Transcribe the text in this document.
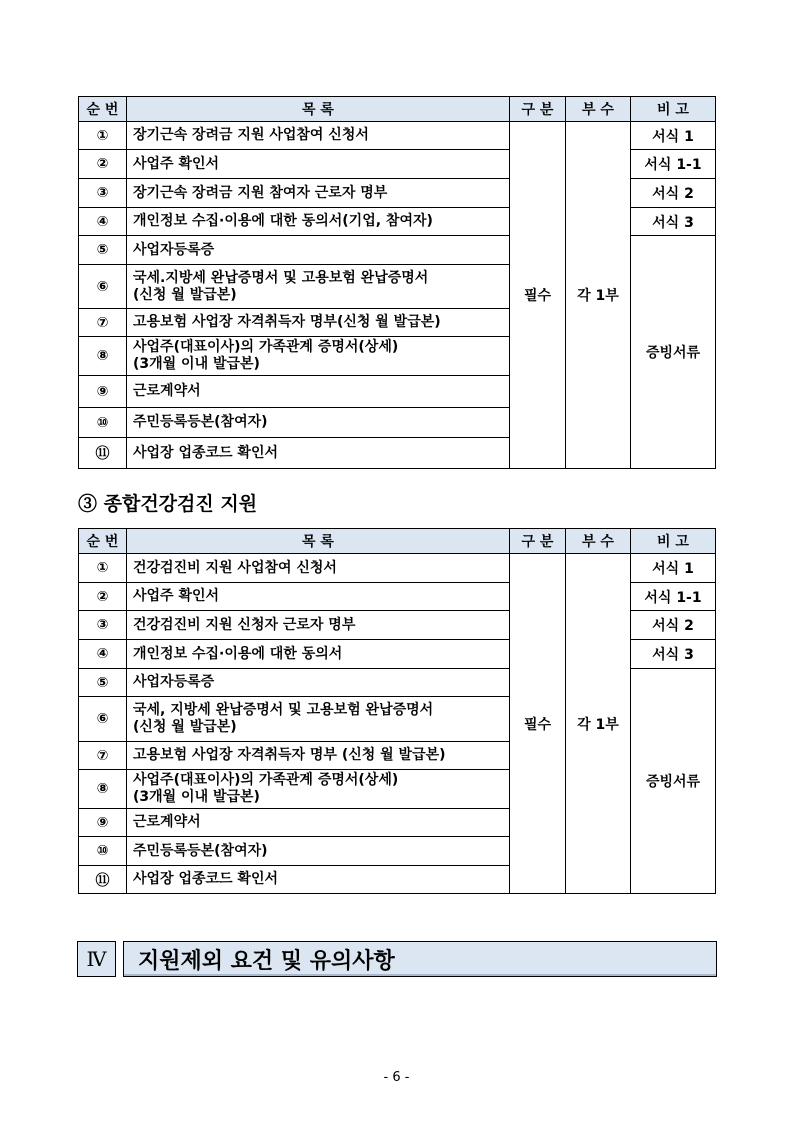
순 번	목 록	구 분	부 수	비 고
①	장기근속 장려금 지원 사업참여 신청서	필수	각 1부	서식 1
②	사업주 확인서			서식 1-1
③	장기근속 장려금 지원 참여자 근로자 명부			서식 2
④	개인정보 수집·이용에 대한 동의서(기업, 참여자)			서식 3
⑤	사업자등록증			증빙서류
⑥	국세.지방세 완납증명서 및 고용보험 완납증명서
(신청 월 발급본)			
⑦	고용보험 사업장 자격취득자 명부(신청 월 발급본)			
⑧	사업주(대표이사)의 가족관계 증명서(상세)
(3개월 이내 발급본)			
⑨	근로계약서			
⑩	주민등록등본(참여자)			
⑪	사업장 업종코드 확인서			
③ 종합건강검진 지원
순 번	목 록	구 분	부 수	비 고
①	건강검진비 지원 사업참여 신청서	필수	각 1부	서식 1
②	사업주 확인서			서식 1-1
③	건강검진비 지원 신청자 근로자 명부			서식 2
④	개인정보 수집·이용에 대한 동의서			서식 3
⑤	사업자등록증			증빙서류
⑥	국세, 지방세 완납증명서 및 고용보험 완납증명서
(신청 월 발급본)			
⑦	고용보험 사업장 자격취득자 명부 (신청 월 발급본)			
⑧	사업주(대표이사)의 가족관계 증명서(상세)
(3개월 이내 발급본)			
⑨	근로계약서			
⑩	주민등록등본(참여자)			
⑪	사업장 업종코드 확인서			
Ⅳ	지원제외 요건 및 유의사항
- 6 -
